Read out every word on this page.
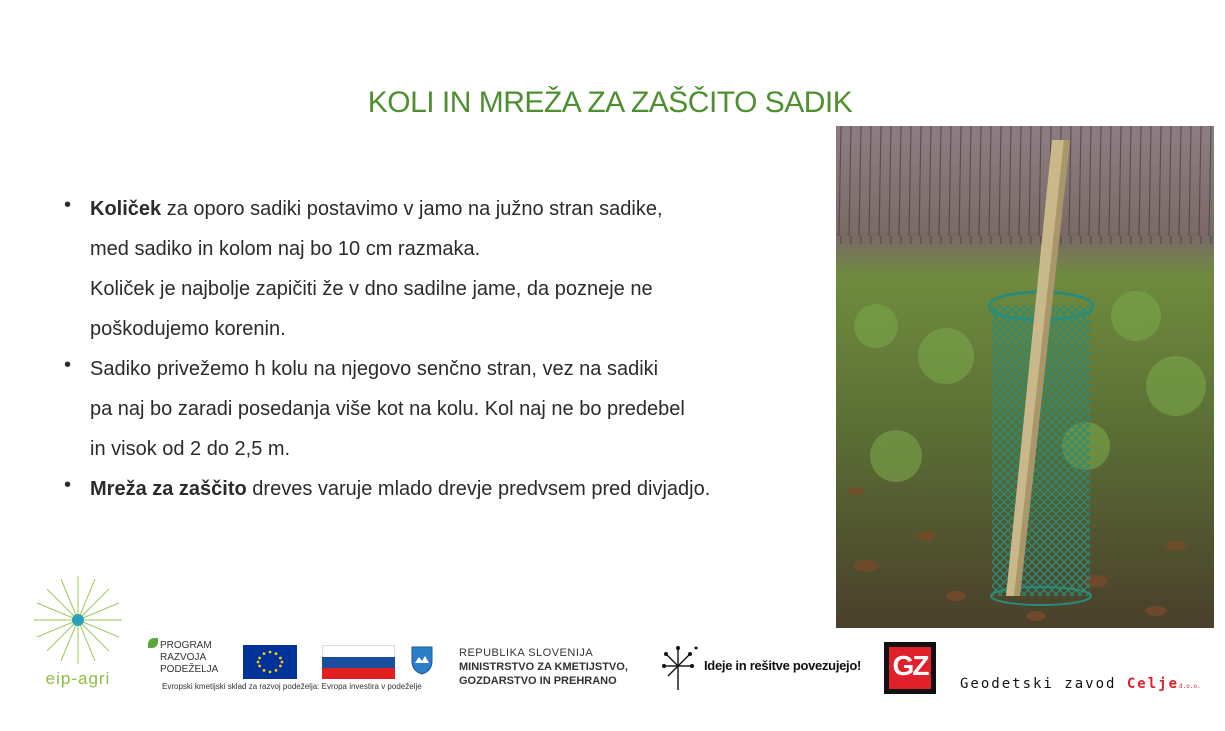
KOLI IN MREŽA ZA ZAŠČITO SADIK
• Količek za oporo sadiki postavimo v jamo na južno stran sadike,
med sadiko in kolom naj bo 10 cm razmaka.
Količek je najbolje zapičiti že v dno sadilne jame, da pozneje ne
poškodujemo korenin.
• Sadiko privežemo h kolu na njegovo senčno stran, vez na sadiki
pa naj bo zaradi posedanja više kot na kolu. Kol naj ne bo predebel
in visok od 2 do 2,5 m.
• Mreža za zaščito dreves varuje mlado drevje predvsem pred divjadjo.
eip-agri
PROGRAM
RAZVOJA
PODEŽELJA
Evropski kmetijski sklad za razvoj podeželja: Evropa investira v podeželje
REPUBLIKA SLOVENIJA
MINISTRSTVO ZA KMETIJSTVO,
GOZDARSTVO IN PREHRANO
Ideje in rešitve povezujejo! GZ
Geodetski zavod Celjed.o.o.
